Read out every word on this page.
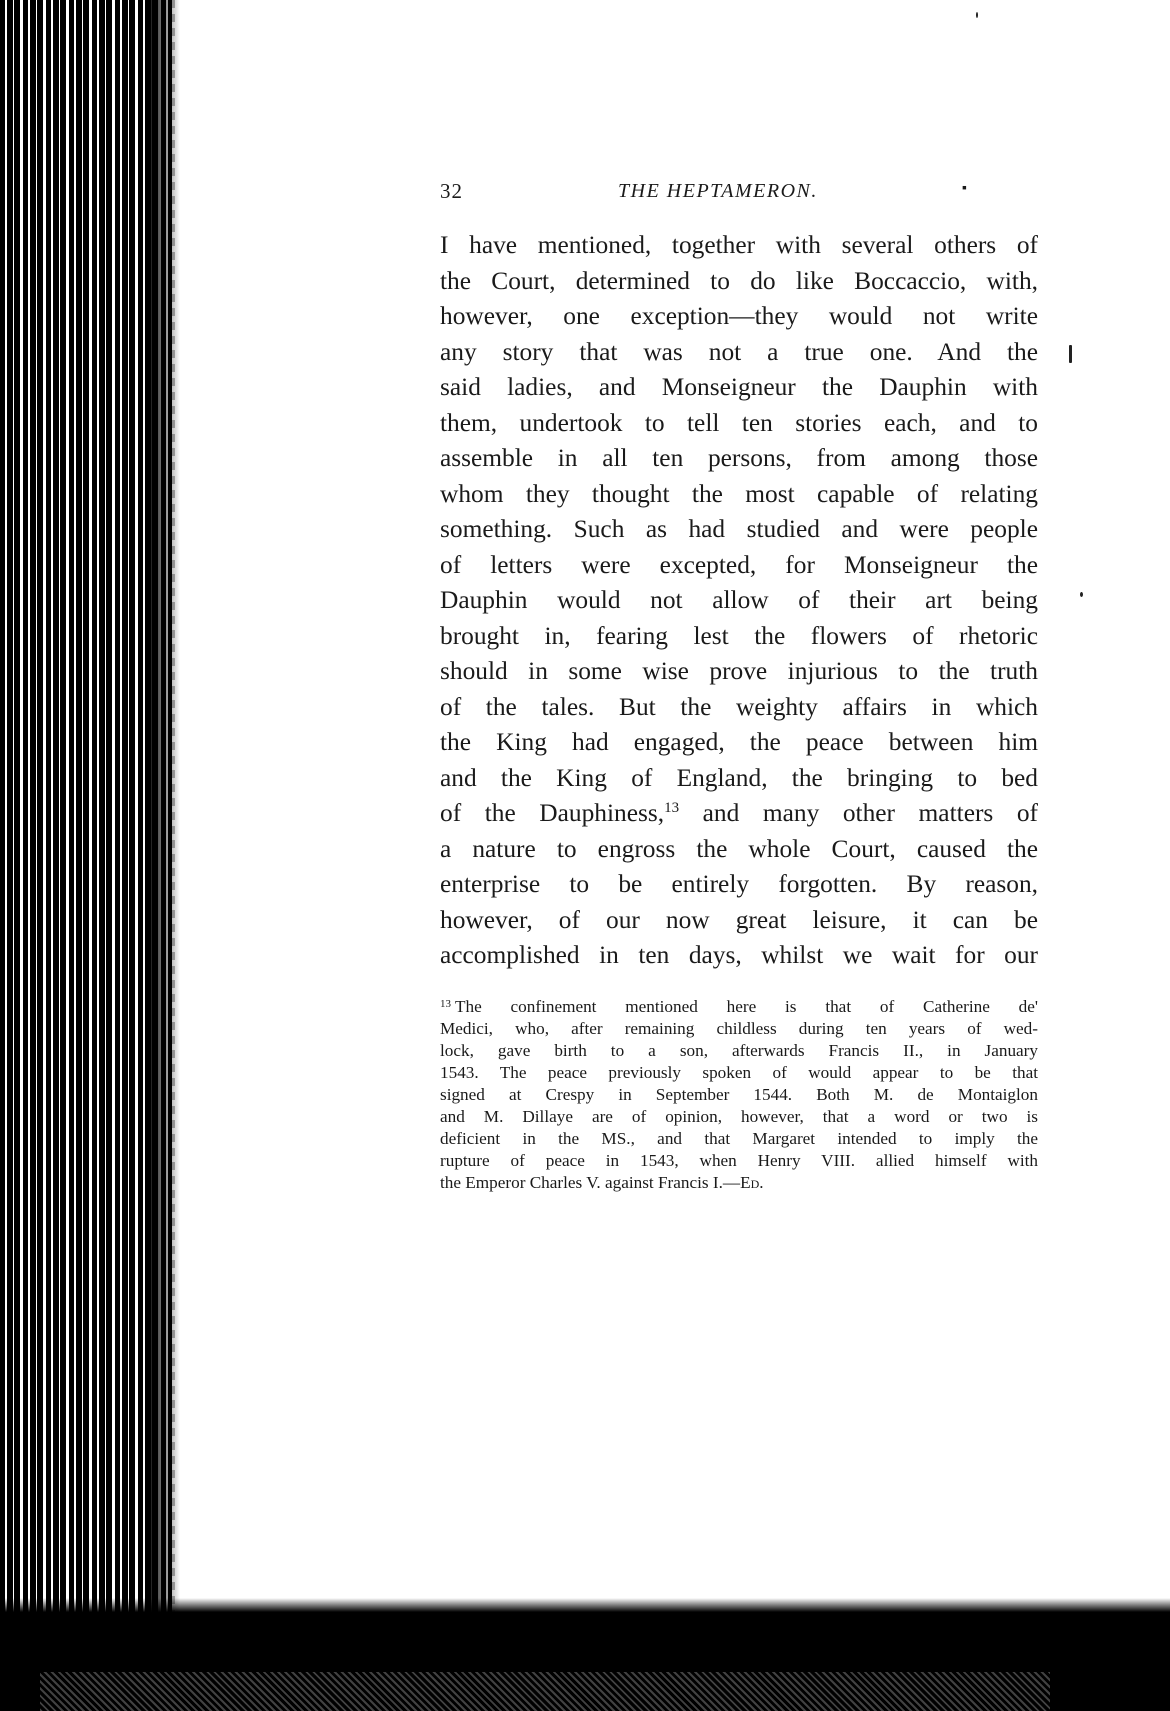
32	THE HEPTAMERON.	▪
I have mentioned, together with several others of
the Court, determined to do like Boccaccio, with,
however, one exception—they would not write
any story that was not a true one. And the
said ladies, and Monseigneur the Dauphin with
them, undertook to tell ten stories each, and to
assemble in all ten persons, from among those
whom they thought the most capable of relating
something. Such as had studied and were people
of letters were excepted, for Monseigneur the
Dauphin would not allow of their art being
brought in, fearing lest the flowers of rhetoric
should in some wise prove injurious to the truth
of the tales. But the weighty affairs in which
the King had engaged, the peace between him
and the King of England, the bringing to bed
of the Dauphiness,$^{13}$ and many other matters of
a nature to engross the whole Court, caused the
enterprise to be entirely forgotten. By reason,
however, of our now great leisure, it can be
accomplished in ten days, whilst we wait for our
$^{13}$ The confinement mentioned here is that of Catherine de'
Medici, who, after remaining childless during ten years of wed-
lock, gave birth to a son, afterwards Francis II., in January
1543. The peace previously spoken of would appear to be that
signed at Crespy in September 1544. Both M. de Montaiglon
and M. Dillaye are of opinion, however, that a word or two is
deficient in the MS., and that Margaret intended to imply the
rupture of peace in 1543, when Henry VIII. allied himself with
the Emperor Charles V. against Francis I.—Ed.
